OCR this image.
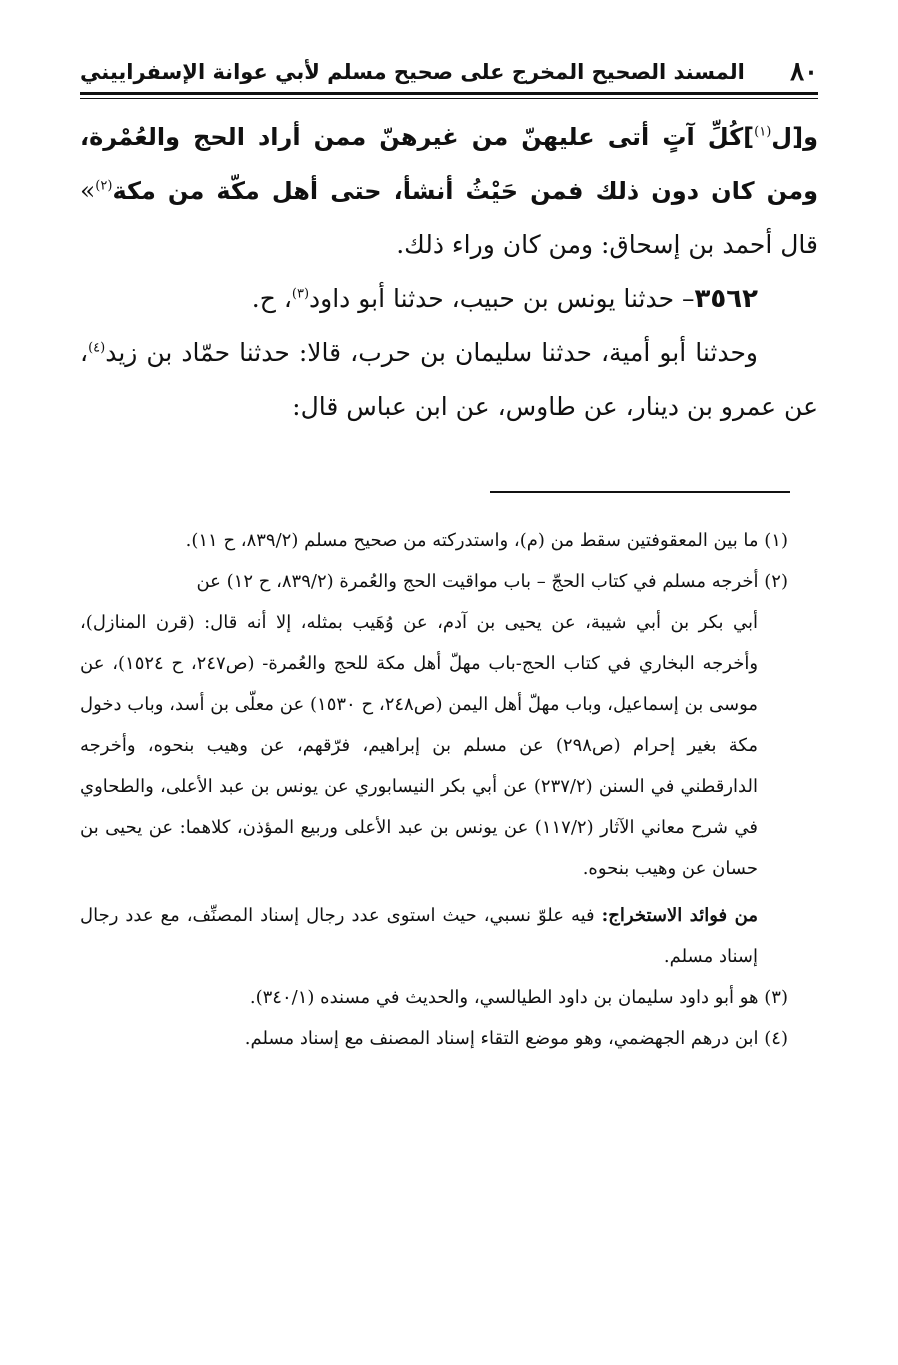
٨٠
المسند الصحيح المخرج على صحيح مسلم لأبي عوانة الإسفراييني

و[ل$^{(١)}$]كُلِّ آتٍ أتى عليهنّ من غيرهنّ ممن أراد الحج والعُمْرة، ومن كان دون ذلك فمن حَيْثُ أنشأ، حتى أهل مكّة من مكة$^{(٢)}$» قال أحمد بن إسحاق: ومن كان وراء ذلك.

٣٥٦٢– حدثنا يونس بن حبيب، حدثنا أبو داود$^{(٣)}$، ح.

وحدثنا أبو أمية، حدثنا سليمان بن حرب، قالا: حدثنا حمّاد بن زيد$^{(٤)}$، عن عمرو بن دينار، عن طاوس، عن ابن عباس قال:

(١) ما بين المعقوفتين سقط من (م)، واستدركته من صحيح مسلم (٨٣٩/٢، ح ١١).

(٢) أخرجه مسلم في كتاب الحجّ – باب مواقيت الحج والعُمرة (٨٣٩/٢، ح ١٢) عن

أبي بكر بن أبي شيبة، عن يحيى بن آدم، عن وُهَيب بمثله، إلا أنه قال: (قرن المنازل)، وأخرجه البخاري في كتاب الحج-باب مهلّ أهل مكة للحج والعُمرة- (ص٢٤٧، ح ١٥٢٤)، عن موسى بن إسماعيل، وباب مهلّ أهل اليمن (ص٢٤٨، ح ١٥٣٠) عن معلّى بن أسد، وباب دخول مكة بغير إحرام (ص٢٩٨) عن مسلم بن إبراهيم، فرّقهم، عن وهيب بنحوه، وأخرجه الدارقطني في السنن (٢٣٧/٢) عن أبي بكر النيسابوري عن يونس بن عبد الأعلى، والطحاوي في شرح معاني الآثار (١١٧/٢) عن يونس بن عبد الأعلى وربيع المؤذن، كلاهما: عن يحيى بن حسان عن وهيب بنحوه.

من فوائد الاستخراج: فيه علوّ نسبي، حيث استوى عدد رجال إسناد المصنِّف، مع عدد رجال إسناد مسلم.

(٣) هو أبو داود سليمان بن داود الطيالسي، والحديث في مسنده (٣٤٠/١).

(٤) ابن درهم الجهضمي، وهو موضع التقاء إسناد المصنف مع إسناد مسلم.
